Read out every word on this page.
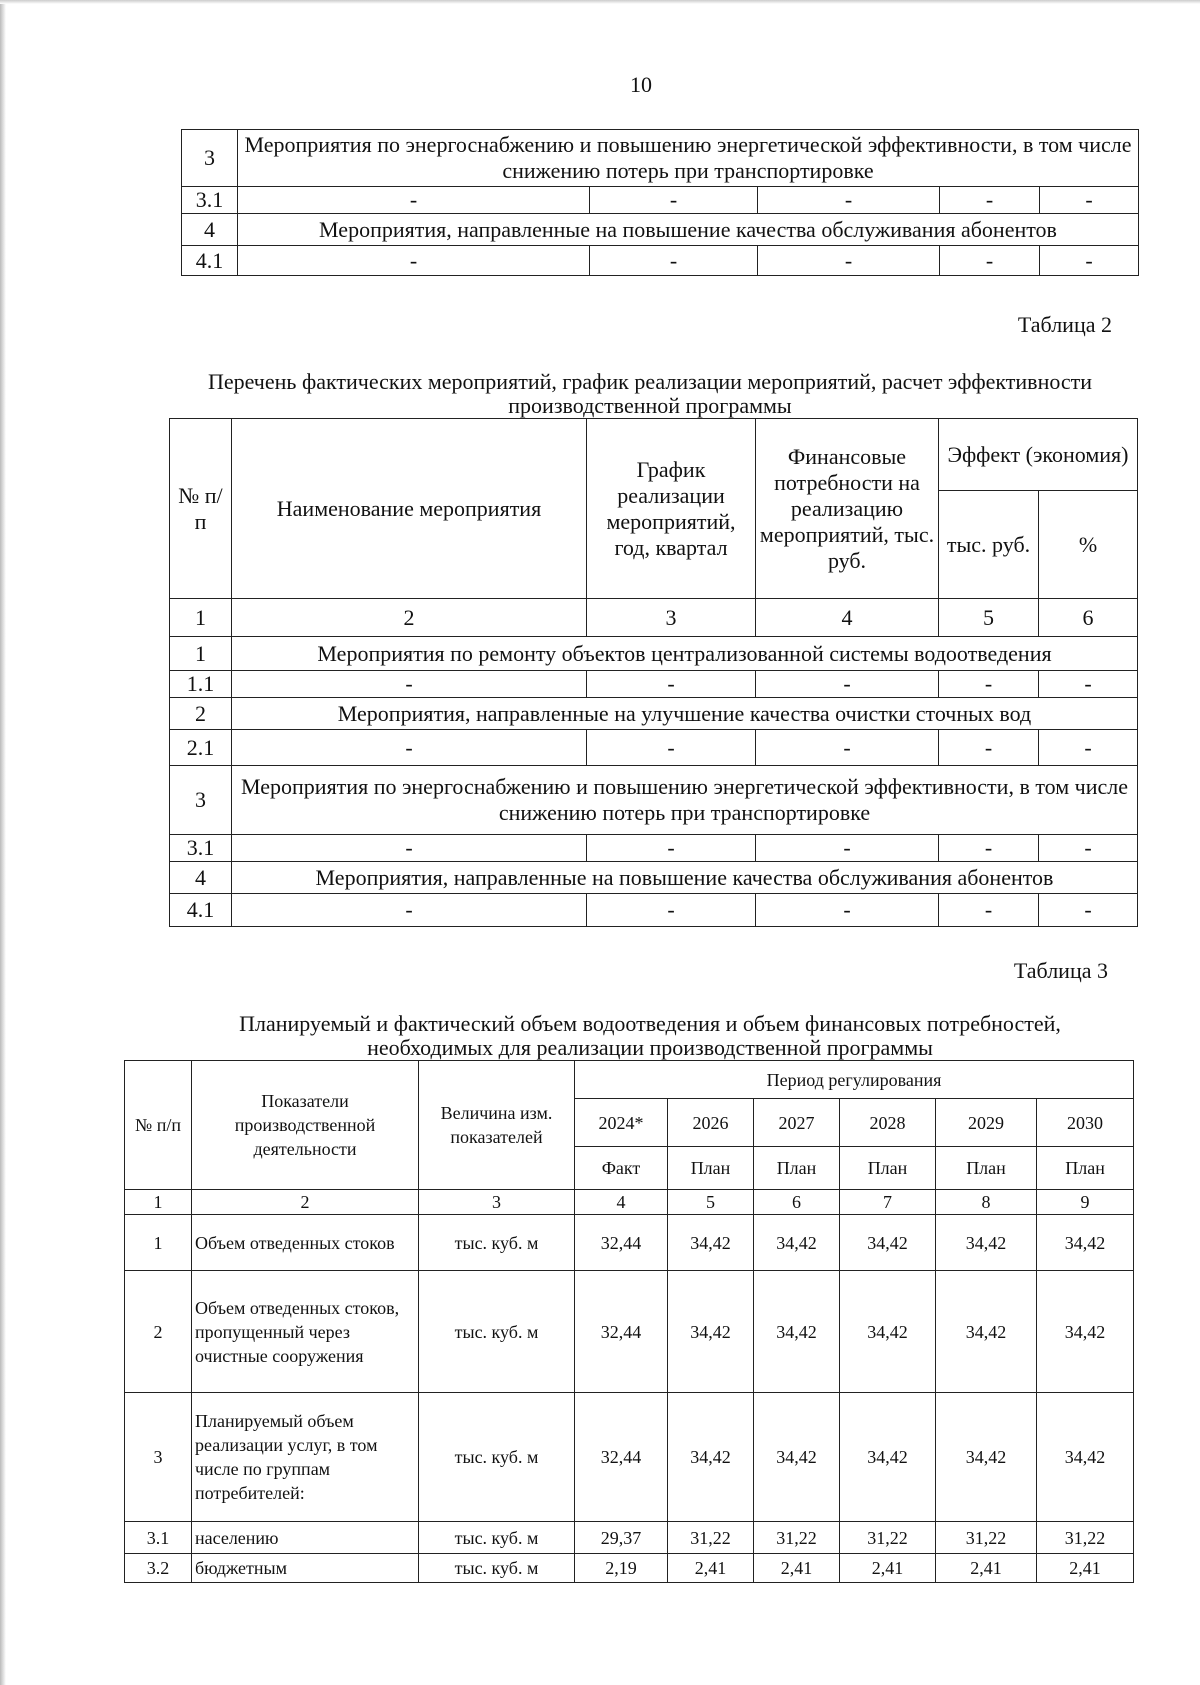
10
3	Мероприятия по энергоснабжению и повышению энергетической эффективности, в том числе снижению потерь при транспортировке				
3.1	-	-	-	-	-
4	Мероприятия, направленные на повышение качества обслуживания абонентов				
4.1	-	-	-	-	-
Таблица 2
Перечень фактических мероприятий, график реализации мероприятий, расчет эффективности производственной программы
№ п/ п	Наименование мероприятия	График реализации мероприятий, год, квартал	Финансовые потребности на реализацию мероприятий, тыс. руб.	Эффект (экономия)	
				тыс. руб.	%
1	2	3	4	5	6
1	Мероприятия по ремонту объектов централизованной системы водоотведения				
1.1	-	-	-	-	-
2	Мероприятия, направленные на улучшение качества очистки сточных вод				
2.1	-	-	-	-	-
3	Мероприятия по энергоснабжению и повышению энергетической эффективности, в том числе снижению потерь при транспортировке				
3.1	-	-	-	-	-
4	Мероприятия, направленные на повышение качества обслуживания абонентов				
4.1	-	-	-	-	-
Таблица 3
Планируемый и фактический объем водоотведения и объем финансовых потребностей, необходимых для реализации производственной программы
№ п/п	Показатели производственной деятельности	Величина изм. показателей	Период регулирования					
			2024*	2026	2027	2028	2029	2030
			Факт	План	План	План	План	План
1	2	3	4	5	6	7	8	9
1	Объем отведенных стоков	тыс. куб. м	32,44	34,42	34,42	34,42	34,42	34,42
2	Объем отведенных стоков, пропущенный через очистные сооружения	тыс. куб. м	32,44	34,42	34,42	34,42	34,42	34,42
3	Планируемый объем реализации услуг, в том числе по группам потребителей:	тыс. куб. м	32,44	34,42	34,42	34,42	34,42	34,42
3.1	населению	тыс. куб. м	29,37	31,22	31,22	31,22	31,22	31,22
3.2	бюджетным	тыс. куб. м	2,19	2,41	2,41	2,41	2,41	2,41
